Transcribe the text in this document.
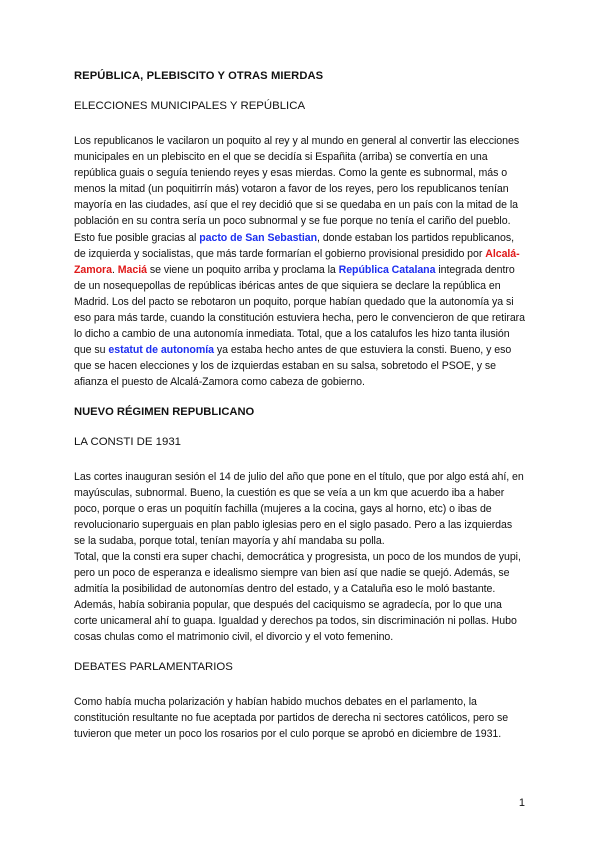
REPÚBLICA, PLEBISCITO Y OTRAS MIERDAS
ELECCIONES MUNICIPALES Y REPÚBLICA
Los republicanos le vacilaron un poquito al rey y al mundo en general al convertir las elecciones municipales en un plebiscito en el que se decidía si Españita (arriba) se convertía en una república guais o seguía teniendo reyes y esas mierdas. Como la gente es subnormal, más o menos la mitad (un poquitirrín más) votaron a favor de los reyes, pero los republicanos tenían mayoría en las ciudades, así que el rey decidió que si se quedaba en un país con la mitad de la población en su contra sería un poco subnormal y se fue porque no tenía el cariño del pueblo. Esto fue posible gracias al pacto de San Sebastian, donde estaban los partidos republicanos, de izquierda y socialistas, que más tarde formarían el gobierno provisional presidido por Alcalá-Zamora. Maciá se viene un poquito arriba y proclama la República Catalana integrada dentro de un nosequepollas de repúblicas ibéricas antes de que siquiera se declare la república en Madrid. Los del pacto se rebotaron un poquito, porque habían quedado que la autonomía ya si eso para más tarde, cuando la constitución estuviera hecha, pero le convencieron de que retirara lo dicho a cambio de una autonomía inmediata. Total, que a los catalufos les hizo tanta ilusión que su estatut de autonomía ya estaba hecho antes de que estuviera la consti. Bueno, y eso que se hacen elecciones y los de izquierdas estaban en su salsa, sobretodo el PSOE, y se afianza el puesto de Alcalá-Zamora como cabeza de gobierno.
NUEVO RÉGIMEN REPUBLICANO
LA CONSTI DE 1931
Las cortes inauguran sesión el 14 de julio del año que pone en el título, que por algo está ahí, en mayúsculas, subnormal. Bueno, la cuestión es que se veía a un km que acuerdo iba a haber poco, porque o eras un poquitín fachilla (mujeres a la cocina, gays al horno, etc) o ibas de revolucionario superguais en plan pablo iglesias pero en el siglo pasado. Pero a las izquierdas se la sudaba, porque total, tenían mayoría y ahí mandaba su polla.
Total, que la consti era super chachi, democrática y progresista, un poco de los mundos de yupi, pero un poco de esperanza e idealismo siempre van bien así que nadie se quejó. Además, se admitía la posibilidad de autonomías dentro del estado, y a Cataluña eso le moló bastante. Además, había sobirania popular, que después del caciquismo se agradecía, por lo que una corte unicameral ahí to guapa. Igualdad y derechos pa todos, sin discriminación ni pollas. Hubo cosas chulas como el matrimonio civil, el divorcio y el voto femenino.
DEBATES PARLAMENTARIOS
Como había mucha polarización y habían habido muchos debates en el parlamento, la constitución resultante no fue aceptada por partidos de derecha ni sectores católicos, pero se tuvieron que meter un poco los rosarios por el culo porque se aprobó en diciembre de 1931.
1
